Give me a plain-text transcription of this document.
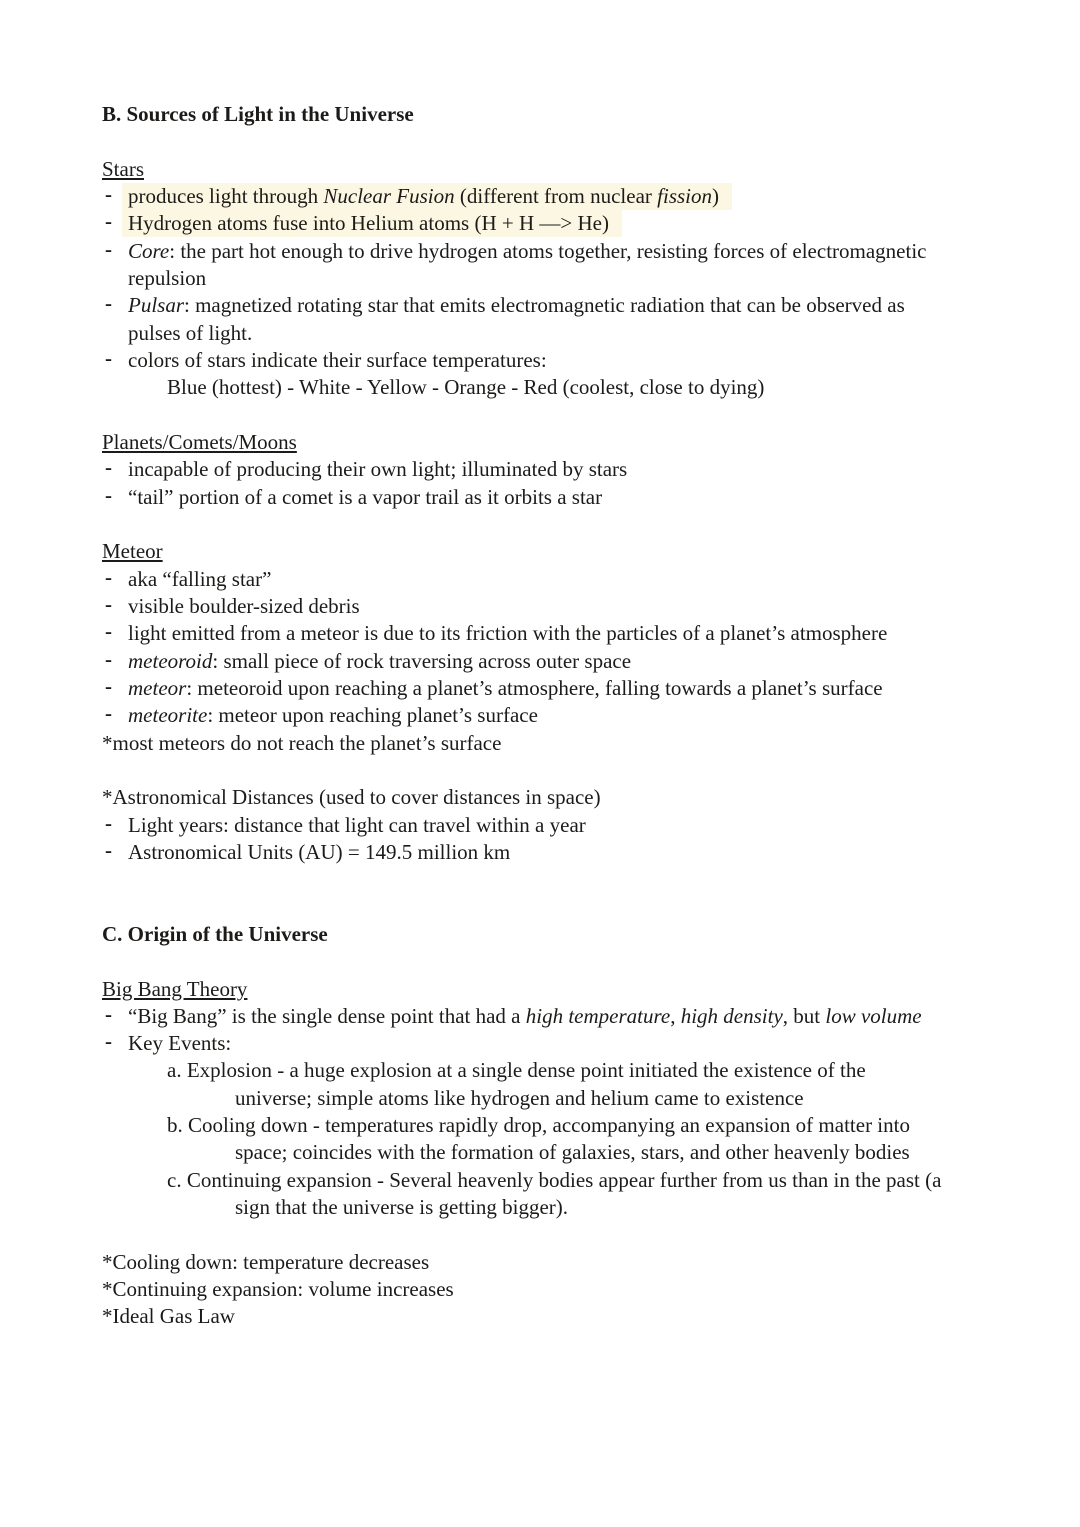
B. Sources of Light in the Universe
Stars
- produces light through Nuclear Fusion (different from nuclear fission)
- Hydrogen atoms fuse into Helium atoms (H + H —> He)
- Core: the part hot enough to drive hydrogen atoms together, resisting forces of electromagnetic
repulsion
- Pulsar: magnetized rotating star that emits electromagnetic radiation that can be observed as
pulses of light.
- colors of stars indicate their surface temperatures:
Blue (hottest) - White - Yellow - Orange - Red (coolest, close to dying)
Planets/Comets/Moons
- incapable of producing their own light; illuminated by stars
- “tail” portion of a comet is a vapor trail as it orbits a star
Meteor
- aka “falling star”
- visible boulder-sized debris
- light emitted from a meteor is due to its friction with the particles of a planet’s atmosphere
- meteoroid: small piece of rock traversing across outer space
- meteor: meteoroid upon reaching a planet’s atmosphere, falling towards a planet’s surface
- meteorite: meteor upon reaching planet’s surface
*most meteors do not reach the planet’s surface
*Astronomical Distances (used to cover distances in space)
- Light years: distance that light can travel within a year
- Astronomical Units (AU) = 149.5 million km
C. Origin of the Universe
Big Bang Theory
- “Big Bang” is the single dense point that had a high temperature, high density, but low volume
- Key Events:
a. Explosion - a huge explosion at a single dense point initiated the existence of the
universe; simple atoms like hydrogen and helium came to existence
b. Cooling down - temperatures rapidly drop, accompanying an expansion of matter into
space; coincides with the formation of galaxies, stars, and other heavenly bodies
c. Continuing expansion - Several heavenly bodies appear further from us than in the past (a
sign that the universe is getting bigger).
*Cooling down: temperature decreases
*Continuing expansion: volume increases
*Ideal Gas Law
